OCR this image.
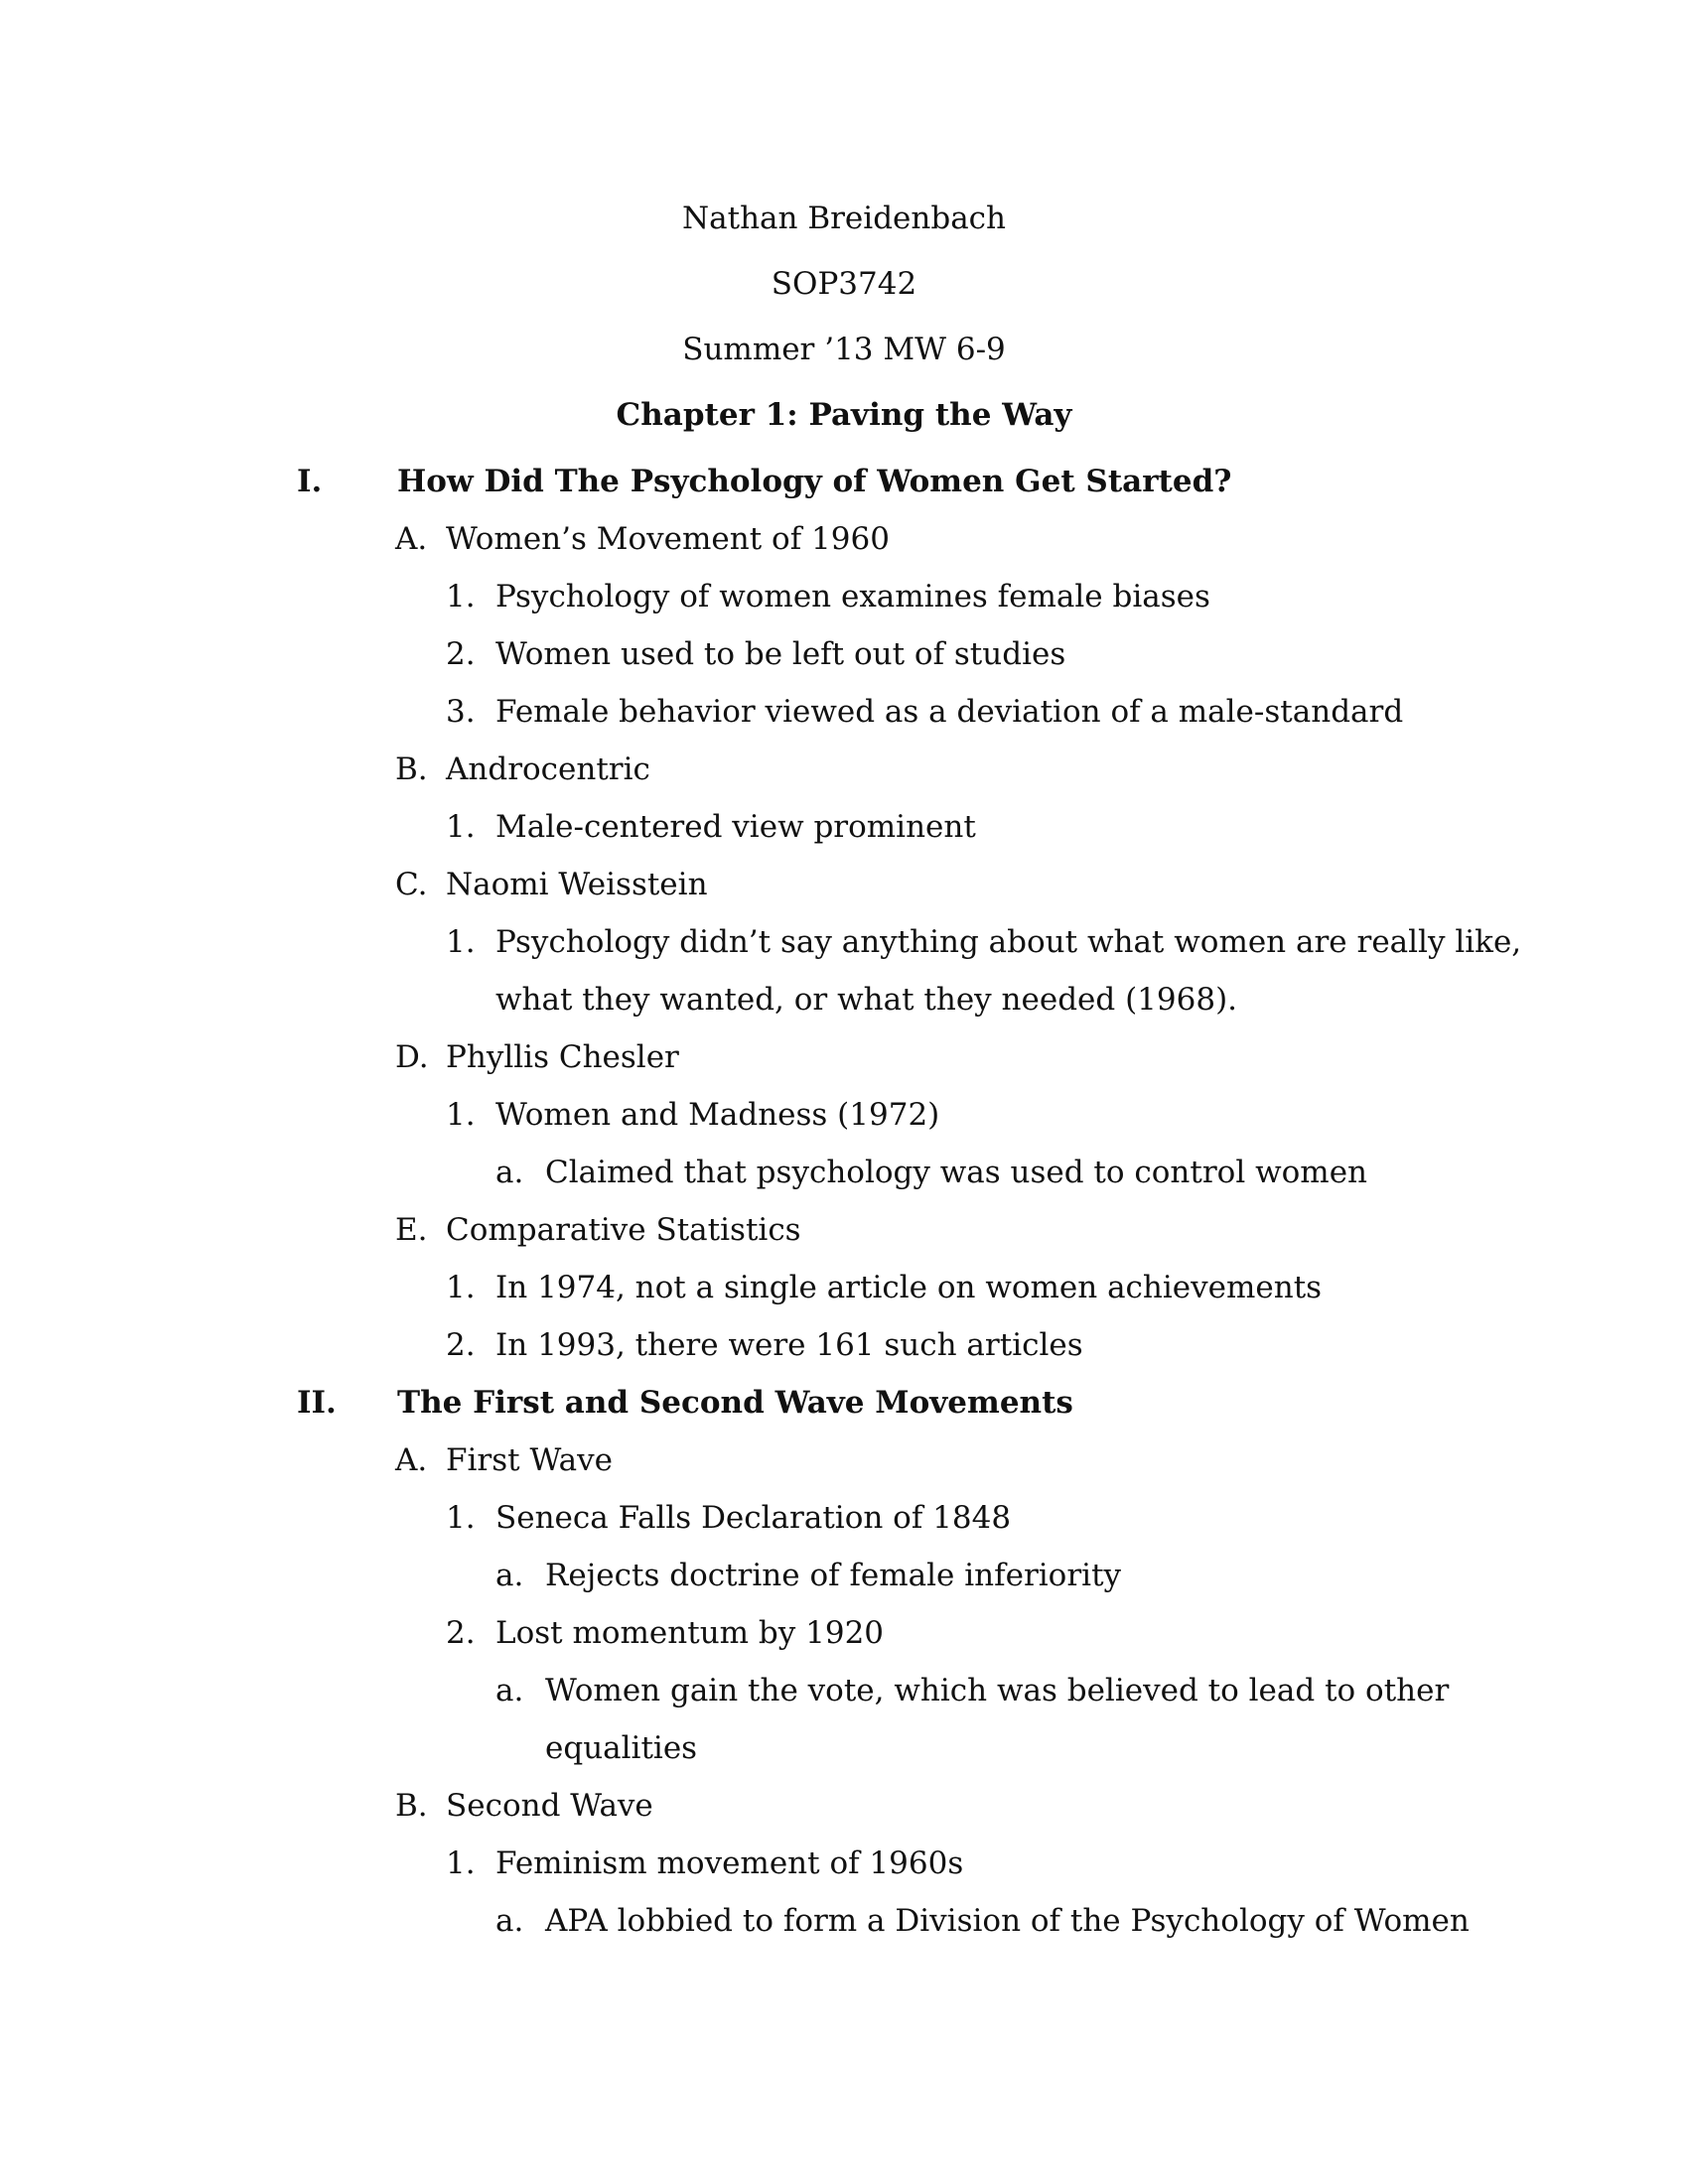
Nathan Breidenbach
SOP3742
Summer ’13 MW 6-9
Chapter 1: Paving the Way
I. How Did The Psychology of Women Get Started?
A. Women’s Movement of 1960
1. Psychology of women examines female biases
2. Women used to be left out of studies
3. Female behavior viewed as a deviation of a male-standard
B. Androcentric
1. Male-centered view prominent
C. Naomi Weisstein
1. Psychology didn’t say anything about what women are really like,
what they wanted, or what they needed (1968).
D. Phyllis Chesler
1. Women and Madness (1972)
a. Claimed that psychology was used to control women
E. Comparative Statistics
1. In 1974, not a single article on women achievements
2. In 1993, there were 161 such articles
II. The First and Second Wave Movements
A. First Wave
1. Seneca Falls Declaration of 1848
a. Rejects doctrine of female inferiority
2. Lost momentum by 1920
a. Women gain the vote, which was believed to lead to other
equalities
B. Second Wave
1. Feminism movement of 1960s
a. APA lobbied to form a Division of the Psychology of Women
